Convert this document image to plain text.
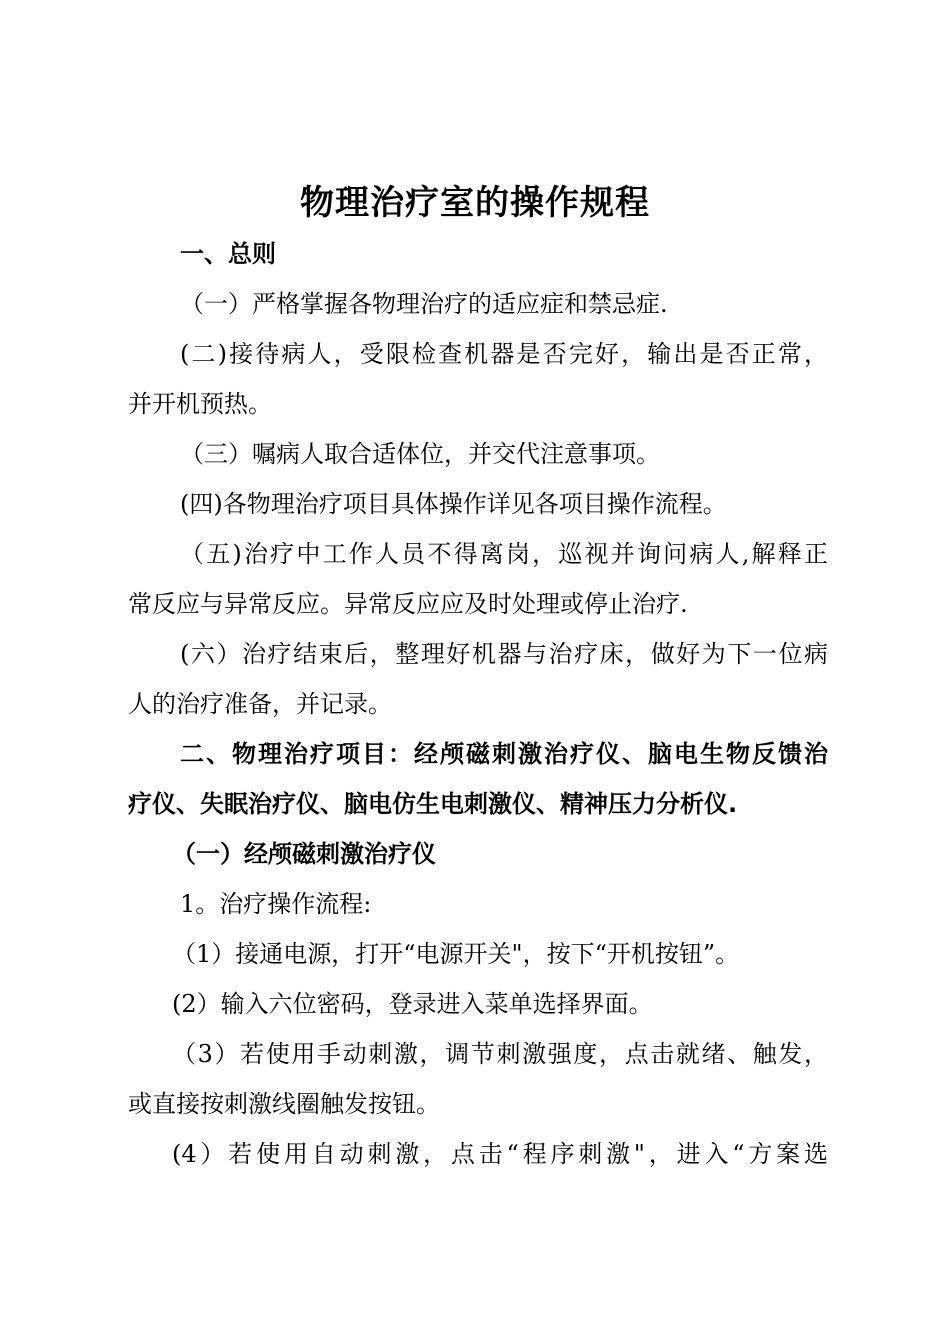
物理治疗室的操作规程
一、总则
（一）严格掌握各物理治疗的适应症和禁忌症.
(二)接待病人，受限检查机器是否完好，输出是否正常，
并开机预热。
（三）嘱病人取合适体位，并交代注意事项。
(四)各物理治疗项目具体操作详见各项目操作流程。
（五)治疗中工作人员不得离岗，巡视并询问病人,解释正
常反应与异常反应。异常反应应及时处理或停止治疗.
(六）治疗结束后，整理好机器与治疗床，做好为下一位病
人的治疗准备，并记录。
二、物理治疗项目：经颅磁刺激治疗仪、脑电生物反馈治
疗仪、失眠治疗仪、脑电仿生电刺激仪、精神压力分析仪.
（一）经颅磁刺激治疗仪
1。治疗操作流程:
（1）接通电源，打开“电源开关"，按下“开机按钮”。
(2）输入六位密码，登录进入菜单选择界面。
（3）若使用手动刺激，调节刺激强度，点击就绪、触发，
或直接按刺激线圈触发按钮。
(4）若使用自动刺激，点击“程序刺激"，进入“方案选
